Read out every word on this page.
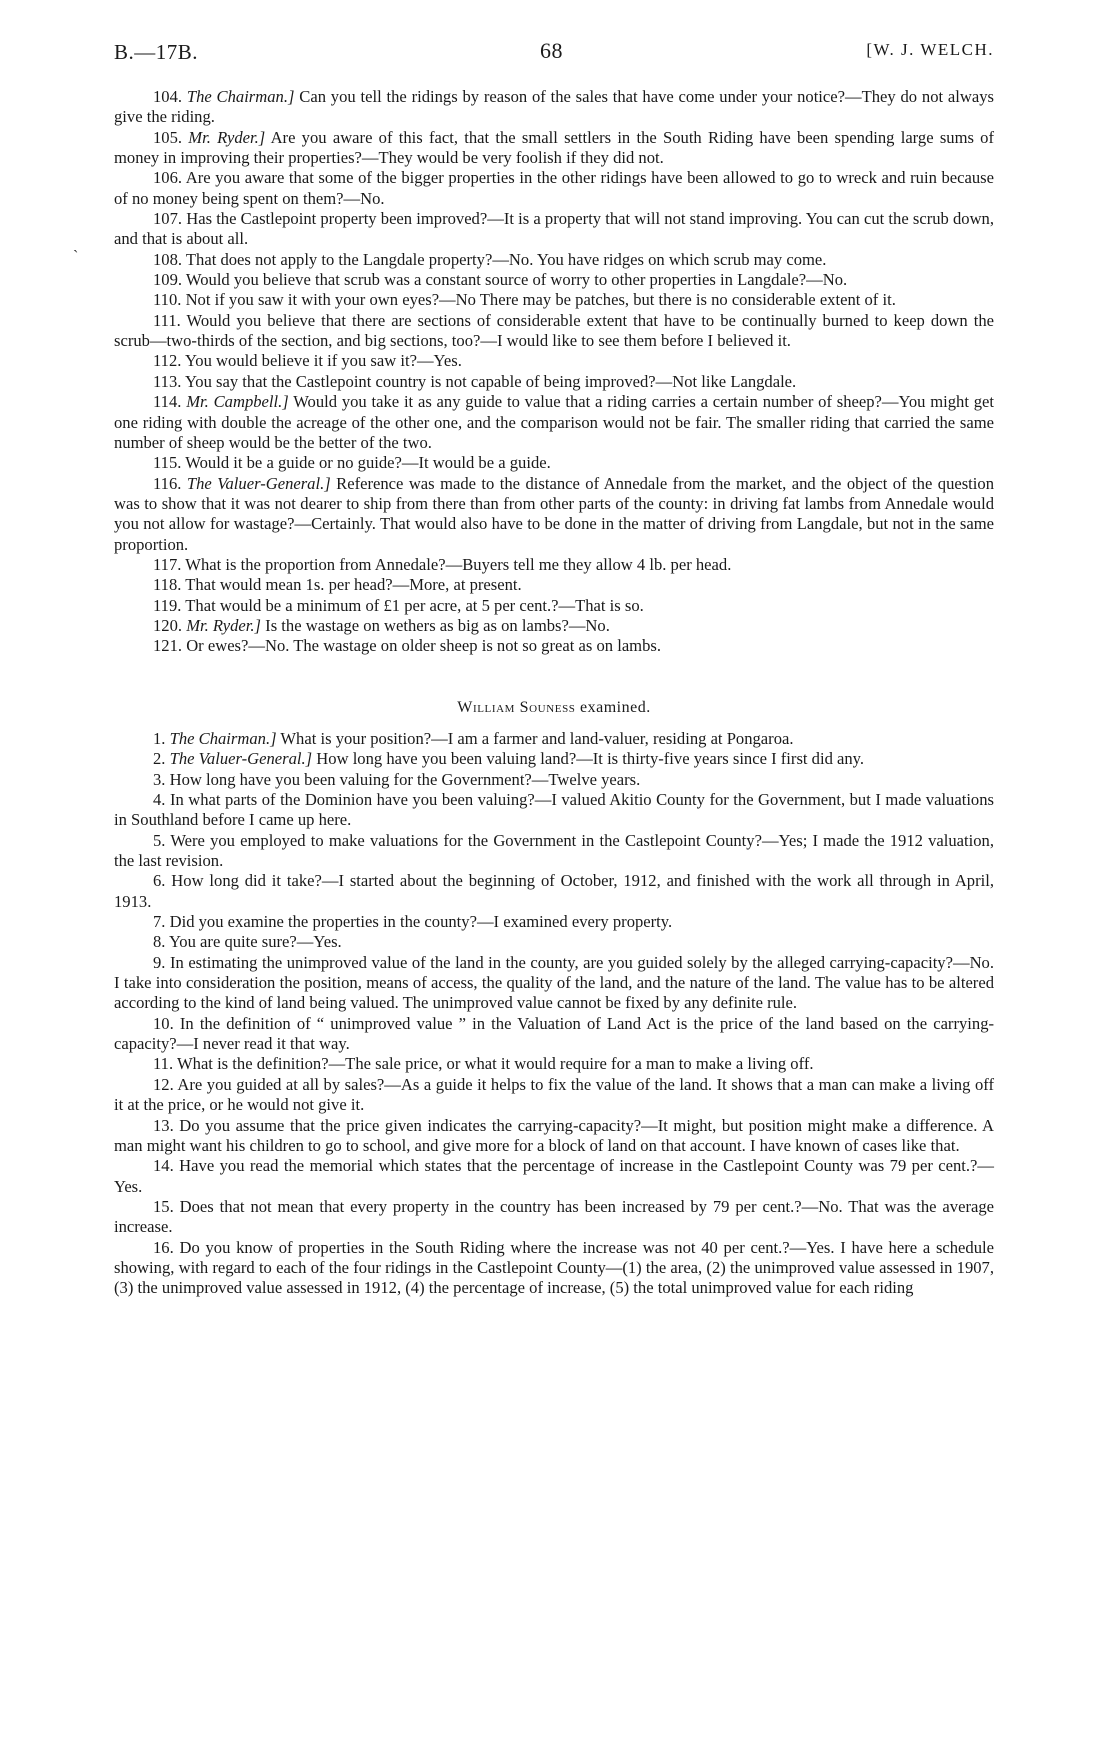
B.—17B.	68	[W. J. WELCH.
`

104. The Chairman.] Can you tell the ridings by reason of the sales that have come under your notice?—They do not always give the riding.

105. Mr. Ryder.] Are you aware of this fact, that the small settlers in the South Riding have been spending large sums of money in improving their properties?—They would be very foolish if they did not.

106. Are you aware that some of the bigger properties in the other ridings have been allowed to go to wreck and ruin because of no money being spent on them?—No.

107. Has the Castlepoint property been improved?—It is a property that will not stand improving. You can cut the scrub down, and that is about all.

108. That does not apply to the Langdale property?—No. You have ridges on which scrub may come.

109. Would you believe that scrub was a constant source of worry to other properties in Langdale?—No.

110. Not if you saw it with your own eyes?—No There may be patches, but there is no considerable extent of it.

111. Would you believe that there are sections of considerable extent that have to be continually burned to keep down the scrub—two-thirds of the section, and big sections, too?—I would like to see them before I believed it.

112. You would believe it if you saw it?—Yes.

113. You say that the Castlepoint country is not capable of being improved?—Not like Langdale.

114. Mr. Campbell.] Would you take it as any guide to value that a riding carries a certain number of sheep?—You might get one riding with double the acreage of the other one, and the comparison would not be fair. The smaller riding that carried the same number of sheep would be the better of the two.

115. Would it be a guide or no guide?—It would be a guide.

116. The Valuer-General.] Reference was made to the distance of Annedale from the market, and the object of the question was to show that it was not dearer to ship from there than from other parts of the county: in driving fat lambs from Annedale would you not allow for wastage?—Certainly. That would also have to be done in the matter of driving from Langdale, but not in the same proportion.

117. What is the proportion from Annedale?—Buyers tell me they allow 4 lb. per head.

118. That would mean 1s. per head?—More, at present.

119. That would be a minimum of £1 per acre, at 5 per cent.?—That is so.

120. Mr. Ryder.] Is the wastage on wethers as big as on lambs?—No.

121. Or ewes?—No. The wastage on older sheep is not so great as on lambs.

William Souness examined.

1. The Chairman.] What is your position?—I am a farmer and land-valuer, residing at Pongaroa.

2. The Valuer-General.] How long have you been valuing land?—It is thirty-five years since I first did any.

3. How long have you been valuing for the Government?—Twelve years.

4. In what parts of the Dominion have you been valuing?—I valued Akitio County for the Government, but I made valuations in Southland before I came up here.

5. Were you employed to make valuations for the Government in the Castlepoint County?—Yes; I made the 1912 valuation, the last revision.

6. How long did it take?—I started about the beginning of October, 1912, and finished with the work all through in April, 1913.

7. Did you examine the properties in the county?—I examined every property.

8. You are quite sure?—Yes.

9. In estimating the unimproved value of the land in the county, are you guided solely by the alleged carrying-capacity?—No. I take into consideration the position, means of access, the quality of the land, and the nature of the land. The value has to be altered according to the kind of land being valued. The unimproved value cannot be fixed by any definite rule.

10. In the definition of “ unimproved value ” in the Valuation of Land Act is the price of the land based on the carrying-capacity?—I never read it that way.

11. What is the definition?—The sale price, or what it would require for a man to make a living off.

12. Are you guided at all by sales?—As a guide it helps to fix the value of the land. It shows that a man can make a living off it at the price, or he would not give it.

13. Do you assume that the price given indicates the carrying-capacity?—It might, but position might make a difference. A man might want his children to go to school, and give more for a block of land on that account. I have known of cases like that.

14. Have you read the memorial which states that the percentage of increase in the Castlepoint County was 79 per cent.?—Yes.

15. Does that not mean that every property in the country has been increased by 79 per cent.?—No. That was the average increase.

16. Do you know of properties in the South Riding where the increase was not 40 per cent.?—Yes. I have here a schedule showing, with regard to each of the four ridings in the Castlepoint County—(1) the area, (2) the unimproved value assessed in 1907, (3) the unimproved value assessed in 1912, (4) the percentage of increase, (5) the total unimproved value for each riding
